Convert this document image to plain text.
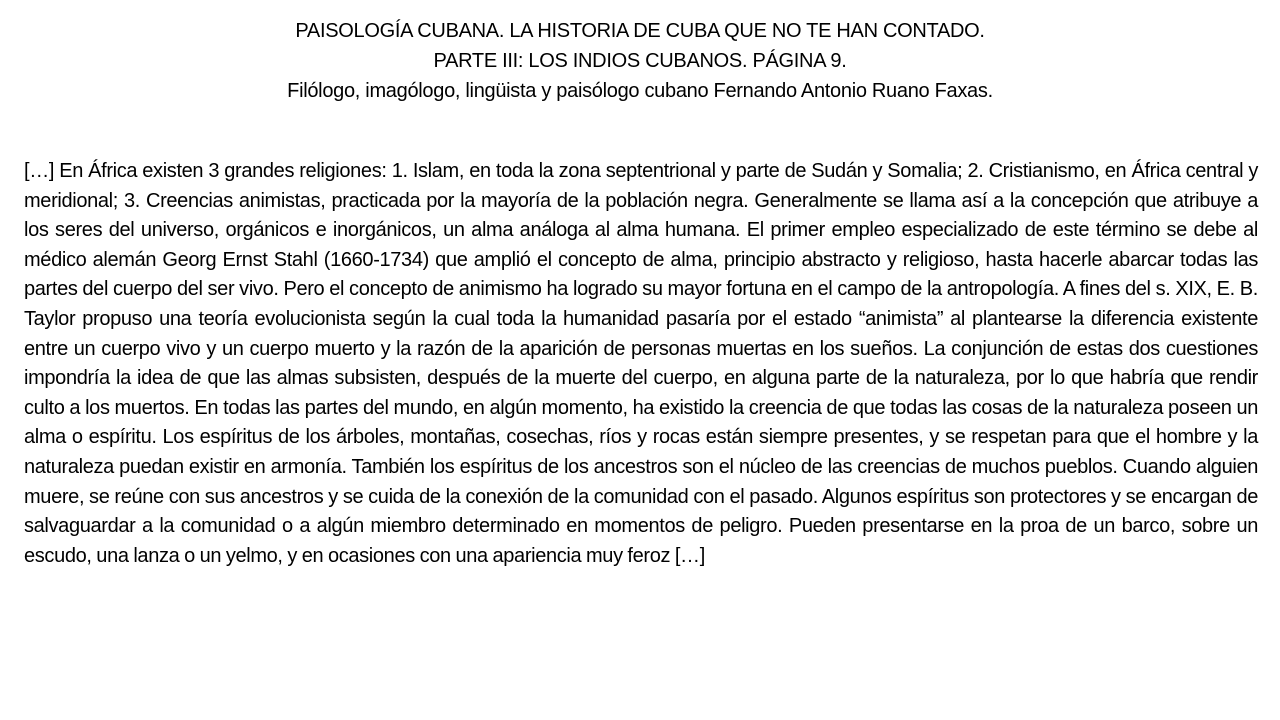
PAISOLOGÍA CUBANA. LA HISTORIA DE CUBA QUE NO TE HAN CONTADO.
PARTE III: LOS INDIOS CUBANOS. PÁGINA 9.
Filólogo, imagólogo, lingüista y paisólogo cubano Fernando Antonio Ruano Faxas.
[…] En África existen 3 grandes religiones: 1. Islam, en toda la zona septentrional y parte de Sudán y Somalia; 2. Cristianismo, en África central y meridional; 3. Creencias animistas, practicada por la mayoría de la población negra. Generalmente se llama así a la concepción que atribuye a los seres del universo, orgánicos e inorgánicos, un alma análoga al alma humana. El primer empleo especializado de este término se debe al médico alemán Georg Ernst Stahl (1660-1734) que amplió el concepto de alma, principio abstracto y religioso, hasta hacerle abarcar todas las partes del cuerpo del ser vivo. Pero el concepto de animismo ha logrado su mayor fortuna en el campo de la antropología. A fines del s. XIX, E. B. Taylor propuso una teoría evolucionista según la cual toda la humanidad pasaría por el estado “animista” al plantearse la diferencia existente entre un cuerpo vivo y un cuerpo muerto y la razón de la aparición de personas muertas en los sueños. La conjunción de estas dos cuestiones impondría la idea de que las almas subsisten, después de la muerte del cuerpo, en alguna parte de la naturaleza, por lo que habría que rendir culto a los muertos. En todas las partes del mundo, en algún momento, ha existido la creencia de que todas las cosas de la naturaleza poseen un alma o espíritu. Los espíritus de los árboles, montañas, cosechas, ríos y rocas están siempre presentes, y se respetan para que el hombre y la naturaleza puedan existir en armonía. También los espíritus de los ancestros son el núcleo de las creencias de muchos pueblos. Cuando alguien muere, se reúne con sus ancestros y se cuida de la conexión de la comunidad con el pasado. Algunos espíritus son protectores y se encargan de salvaguardar a la comunidad o a algún miembro determinado en momentos de peligro. Pueden presentarse en la proa de un barco, sobre un escudo, una lanza o un yelmo, y en ocasiones con una apariencia muy feroz […]
